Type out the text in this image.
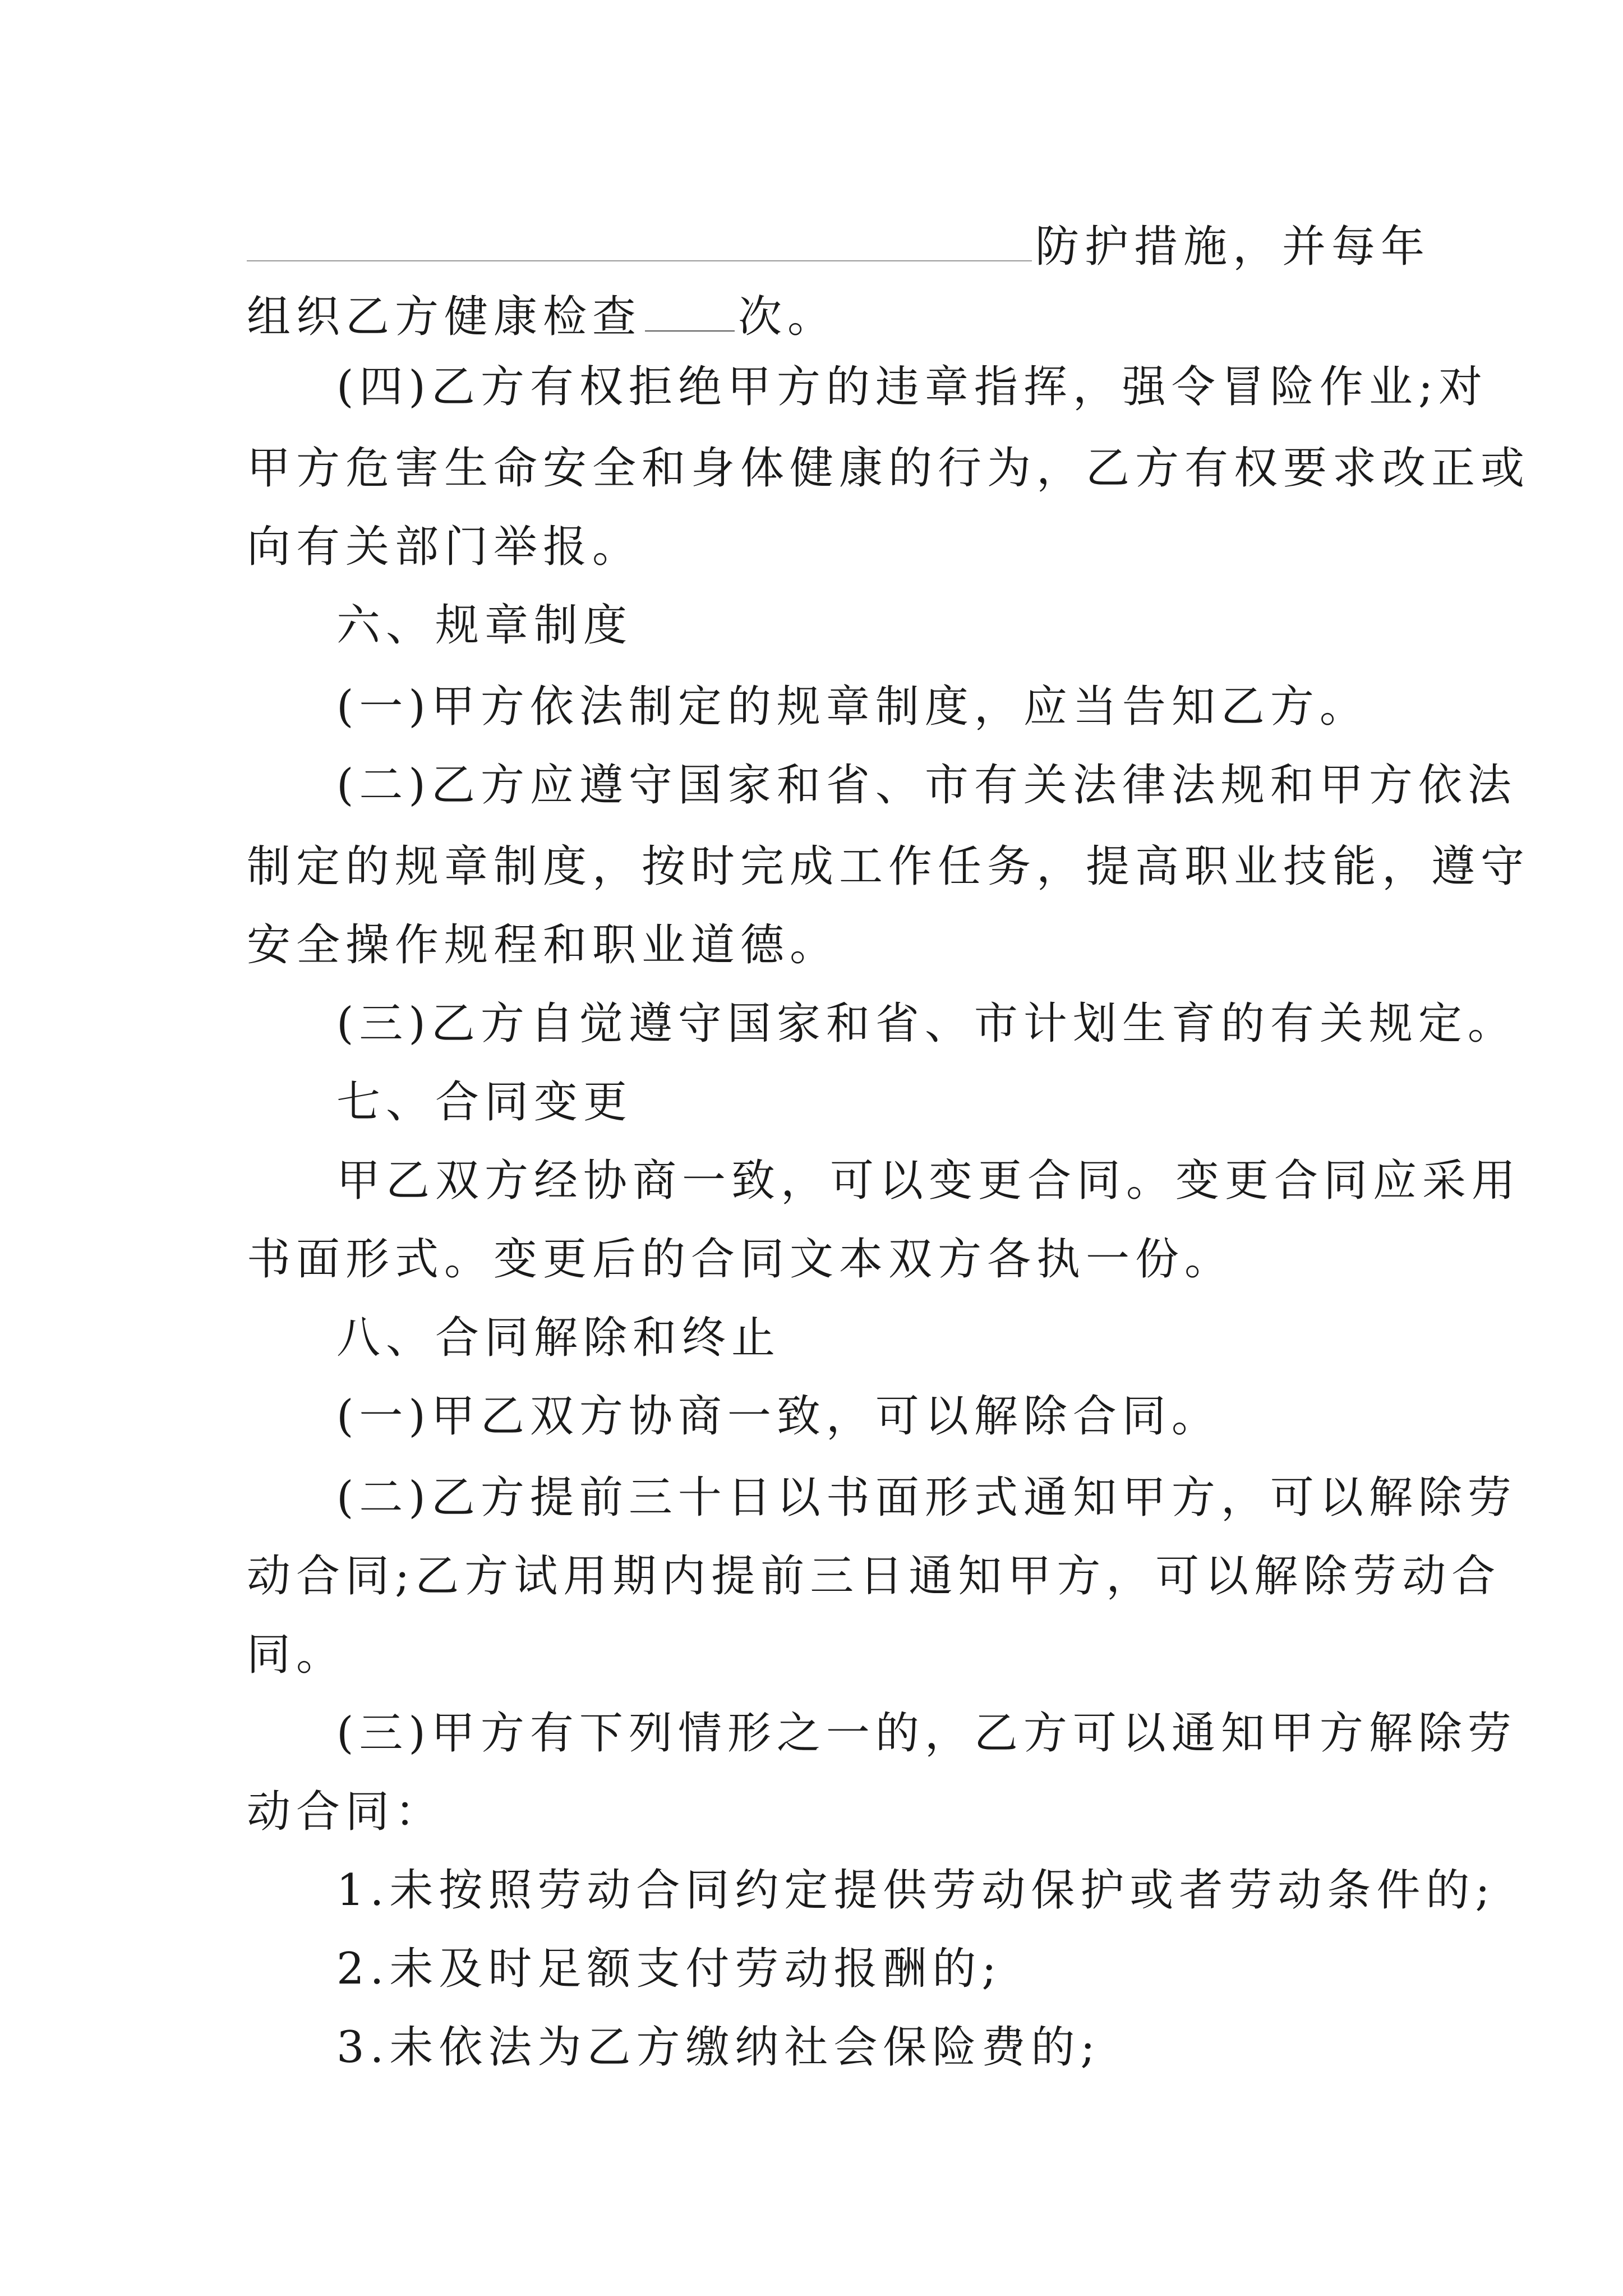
防护措施，并每年
组织乙方健康检查 次。
(四)乙方有权拒绝甲方的违章指挥，强令冒险作业;对
甲方危害生命安全和身体健康的行为，乙方有权要求改正或
向有关部门举报。
六、规章制度
(一)甲方依法制定的规章制度，应当告知乙方。
(二)乙方应遵守国家和省、市有关法律法规和甲方依法
制定的规章制度，按时完成工作任务，提高职业技能，遵守
安全操作规程和职业道德。
(三)乙方自觉遵守国家和省、市计划生育的有关规定。
七、合同变更
甲乙双方经协商一致，可以变更合同。变更合同应采用
书面形式。变更后的合同文本双方各执一份。
八、合同解除和终止
(一)甲乙双方协商一致，可以解除合同。
(二)乙方提前三十日以书面形式通知甲方，可以解除劳
动合同;乙方试用期内提前三日通知甲方，可以解除劳动合
同。
(三)甲方有下列情形之一的，乙方可以通知甲方解除劳
动合同：
1.未按照劳动合同约定提供劳动保护或者劳动条件的;
2.未及时足额支付劳动报酬的;
3.未依法为乙方缴纳社会保险费的;
